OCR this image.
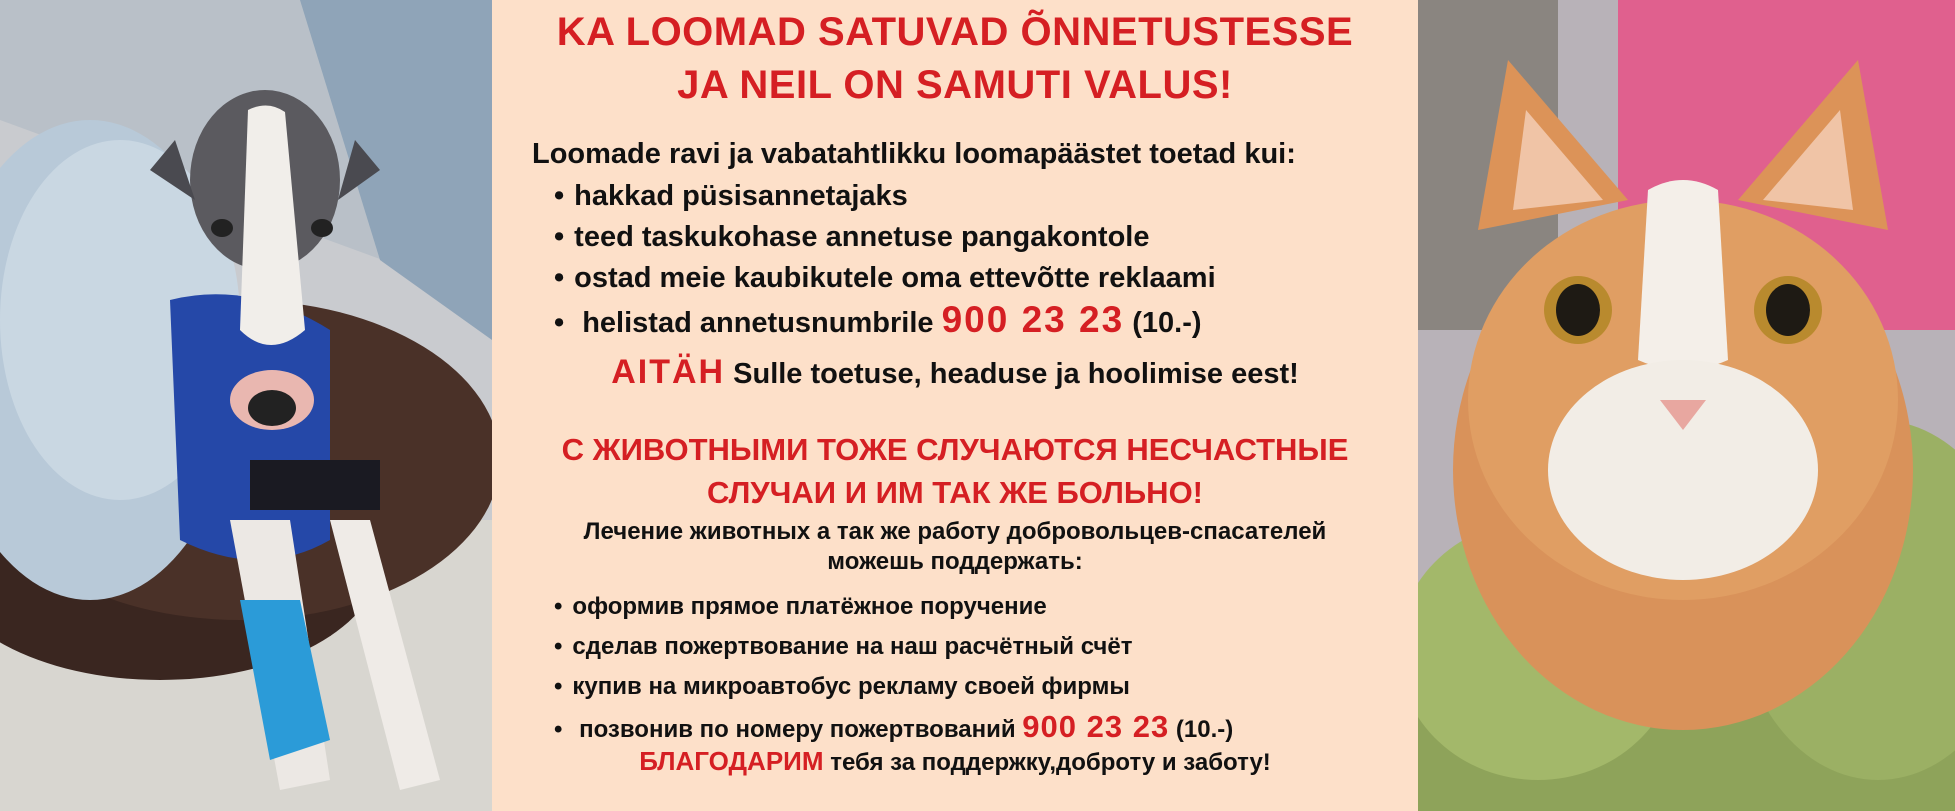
KA LOOMAD SATUVAD ÕNNETUSTESSE
JA NEIL ON SAMUTI VALUS!
Loomade ravi ja vabatahtlikku loomapäästet toetad kui:
• hakkad püsisannetajaks
• teed taskukohase annetuse pangakontole
• ostad meie kaubikutele oma ettevõtte reklaami
• helistad annetusnumbrile 900 23 23 (10.-)
AITÄH Sulle toetuse, headuse ja hoolimise eest!
С ЖИВОТНЫМИ ТОЖЕ СЛУЧАЮТСЯ НЕСЧАСТНЫЕ
СЛУЧАИ И ИМ ТАК ЖЕ БОЛЬНО!
Лечение животных а так же работу добровольцев-спасателей
можешь поддержать:
• оформив прямое платёжное поручение
• сделав пожертвование на наш расчётный счёт
• купив на микроавтобус рекламу своей фирмы
• позвонив по номеру пожертвований 900 23 23 (10.-)
БЛАГОДАРИМ тебя за поддержку,доброту и заботу!
